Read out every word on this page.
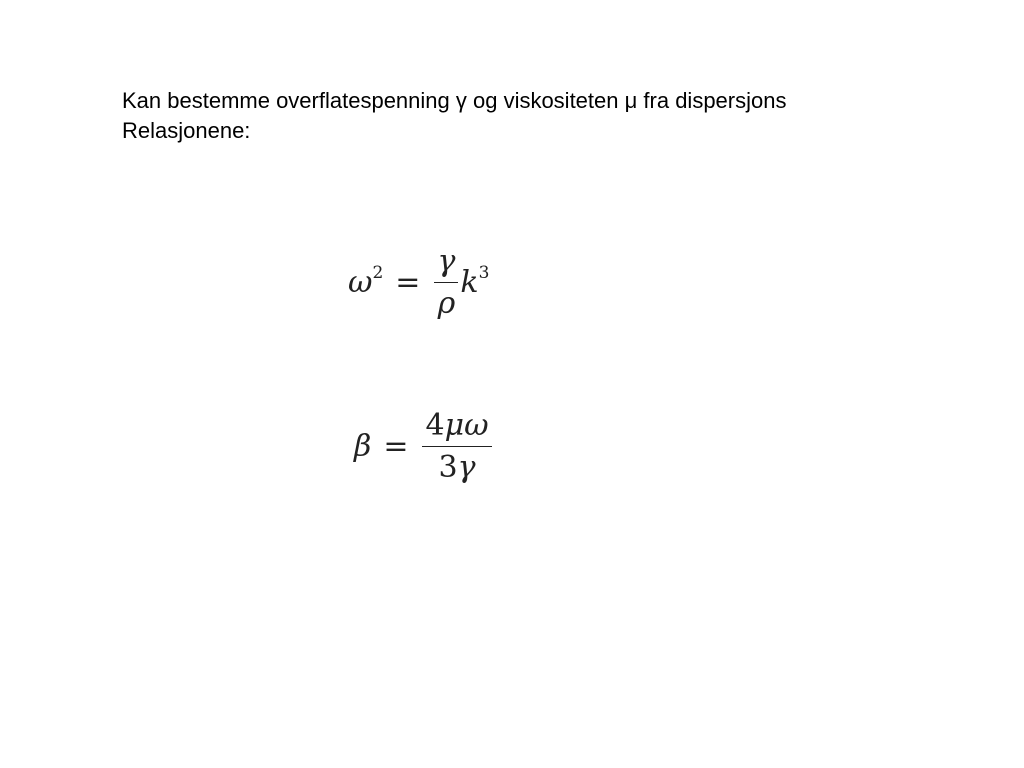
Kan bestemme overflatespenning γ og viskositeten μ fra dispersjons

Relasjonene:

$\omega^2 = \frac{\gamma}{\rho} k^3$
$\beta = \frac{4\mu\omega}{3\gamma}$
